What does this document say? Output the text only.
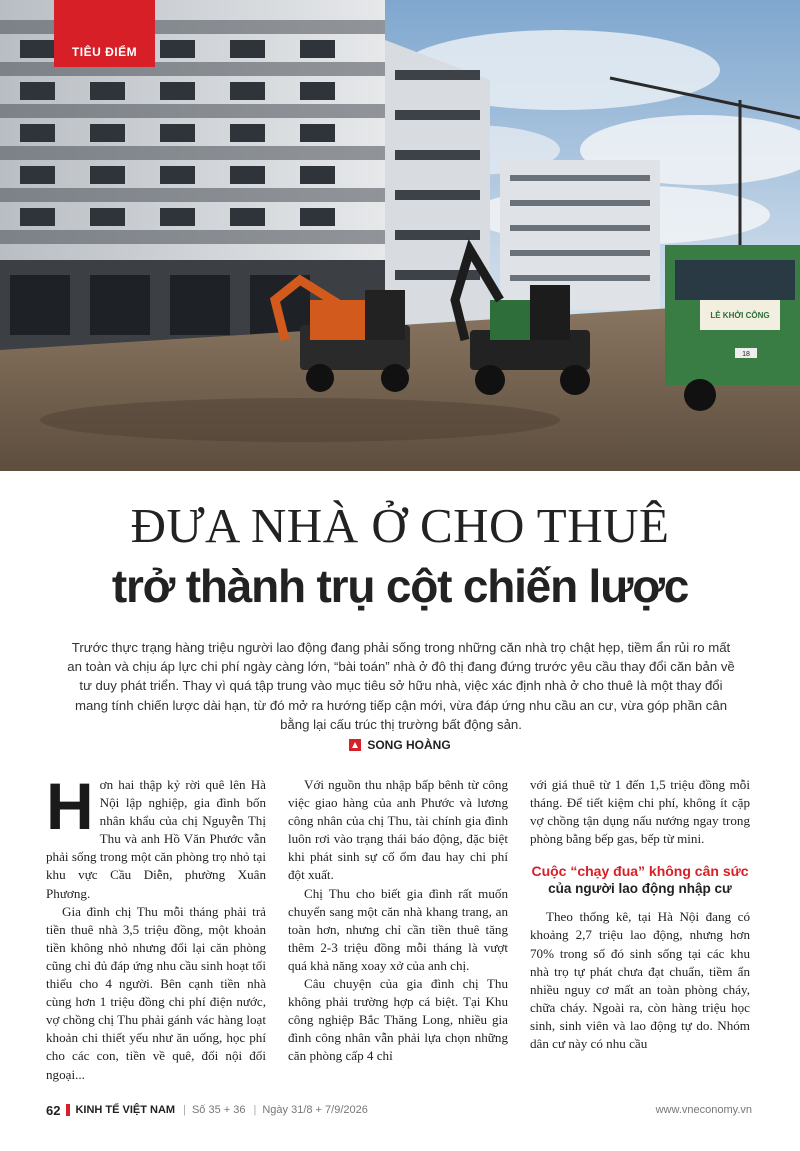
LỄ KHỞI CÔNG
18
TIÊU ĐIỂM
ĐƯA NHÀ Ở CHO THUÊ
trở thành trụ cột chiến lược
Trước thực trạng hàng triệu người lao động đang phải sống trong những căn nhà trọ chật hẹp, tiềm ẩn rủi ro mất an toàn và chịu áp lực chi phí ngày càng lớn, “bài toán” nhà ở đô thị đang đứng trước yêu cầu thay đổi căn bản về tư duy phát triển. Thay vì quá tập trung vào mục tiêu sở hữu nhà, việc xác định nhà ở cho thuê là một thay đổi mang tính chiến lược dài hạn, từ đó mở ra hướng tiếp cận mới, vừa đáp ứng nhu cầu an cư, vừa góp phần cân bằng lại cấu trúc thị trường bất động sản.
SONG HOÀNG

Hơn hai thập kỷ rời quê lên Hà Nội lập nghiệp, gia đình bốn nhân khẩu của chị Nguyễn Thị Thu và anh Hồ Văn Phước vẫn phải sống trong một căn phòng trọ nhỏ tại khu vực Cầu Diễn, phường Xuân Phương.

Gia đình chị Thu mỗi tháng phải trả tiền thuê nhà 3,5 triệu đồng, một khoản tiền không nhỏ nhưng đổi lại căn phòng cũng chỉ đủ đáp ứng nhu cầu sinh hoạt tối thiểu cho 4 người. Bên cạnh tiền nhà cùng hơn 1 triệu đồng chi phí điện nước, vợ chồng chị Thu phải gánh vác hàng loạt khoản chi thiết yếu như ăn uống, học phí cho các con, tiền về quê, đối nội đối ngoại...

Với nguồn thu nhập bấp bênh từ công việc giao hàng của anh Phước và lương công nhân của chị Thu, tài chính gia đình luôn rơi vào trạng thái báo động, đặc biệt khi phát sinh sự cố ốm đau hay chi phí đột xuất.

Chị Thu cho biết gia đình rất muốn chuyển sang một căn nhà khang trang, an toàn hơn, nhưng chỉ cần tiền thuê tăng thêm 2-3 triệu đồng mỗi tháng là vượt quá khả năng xoay xở của anh chị.

Câu chuyện của gia đình chị Thu không phải trường hợp cá biệt. Tại Khu công nghiệp Bắc Thăng Long, nhiều gia đình công nhân vẫn phải lựa chọn những căn phòng cấp 4 chỉ

với giá thuê từ 1 đến 1,5 triệu đồng mỗi tháng. Để tiết kiệm chi phí, không ít cặp vợ chồng tận dụng nấu nướng ngay trong phòng bằng bếp gas, bếp từ mini.

Cuộc “chạy đua” không cân sức
của người lao động nhập cư

Theo thống kê, tại Hà Nội đang có khoảng 2,7 triệu lao động, nhưng hơn 70% trong số đó sinh sống tại các khu nhà trọ tự phát chưa đạt chuẩn, tiềm ẩn nhiều nguy cơ mất an toàn phòng cháy, chữa cháy. Ngoài ra, còn hàng triệu học sinh, sinh viên và lao động tự do. Nhóm dân cư này có nhu cầu

62 KINH TẾ VIỆT NAM | Số 35 + 36 | Ngày 31/8 + 7/9/2026	www.vneconomy.vn
